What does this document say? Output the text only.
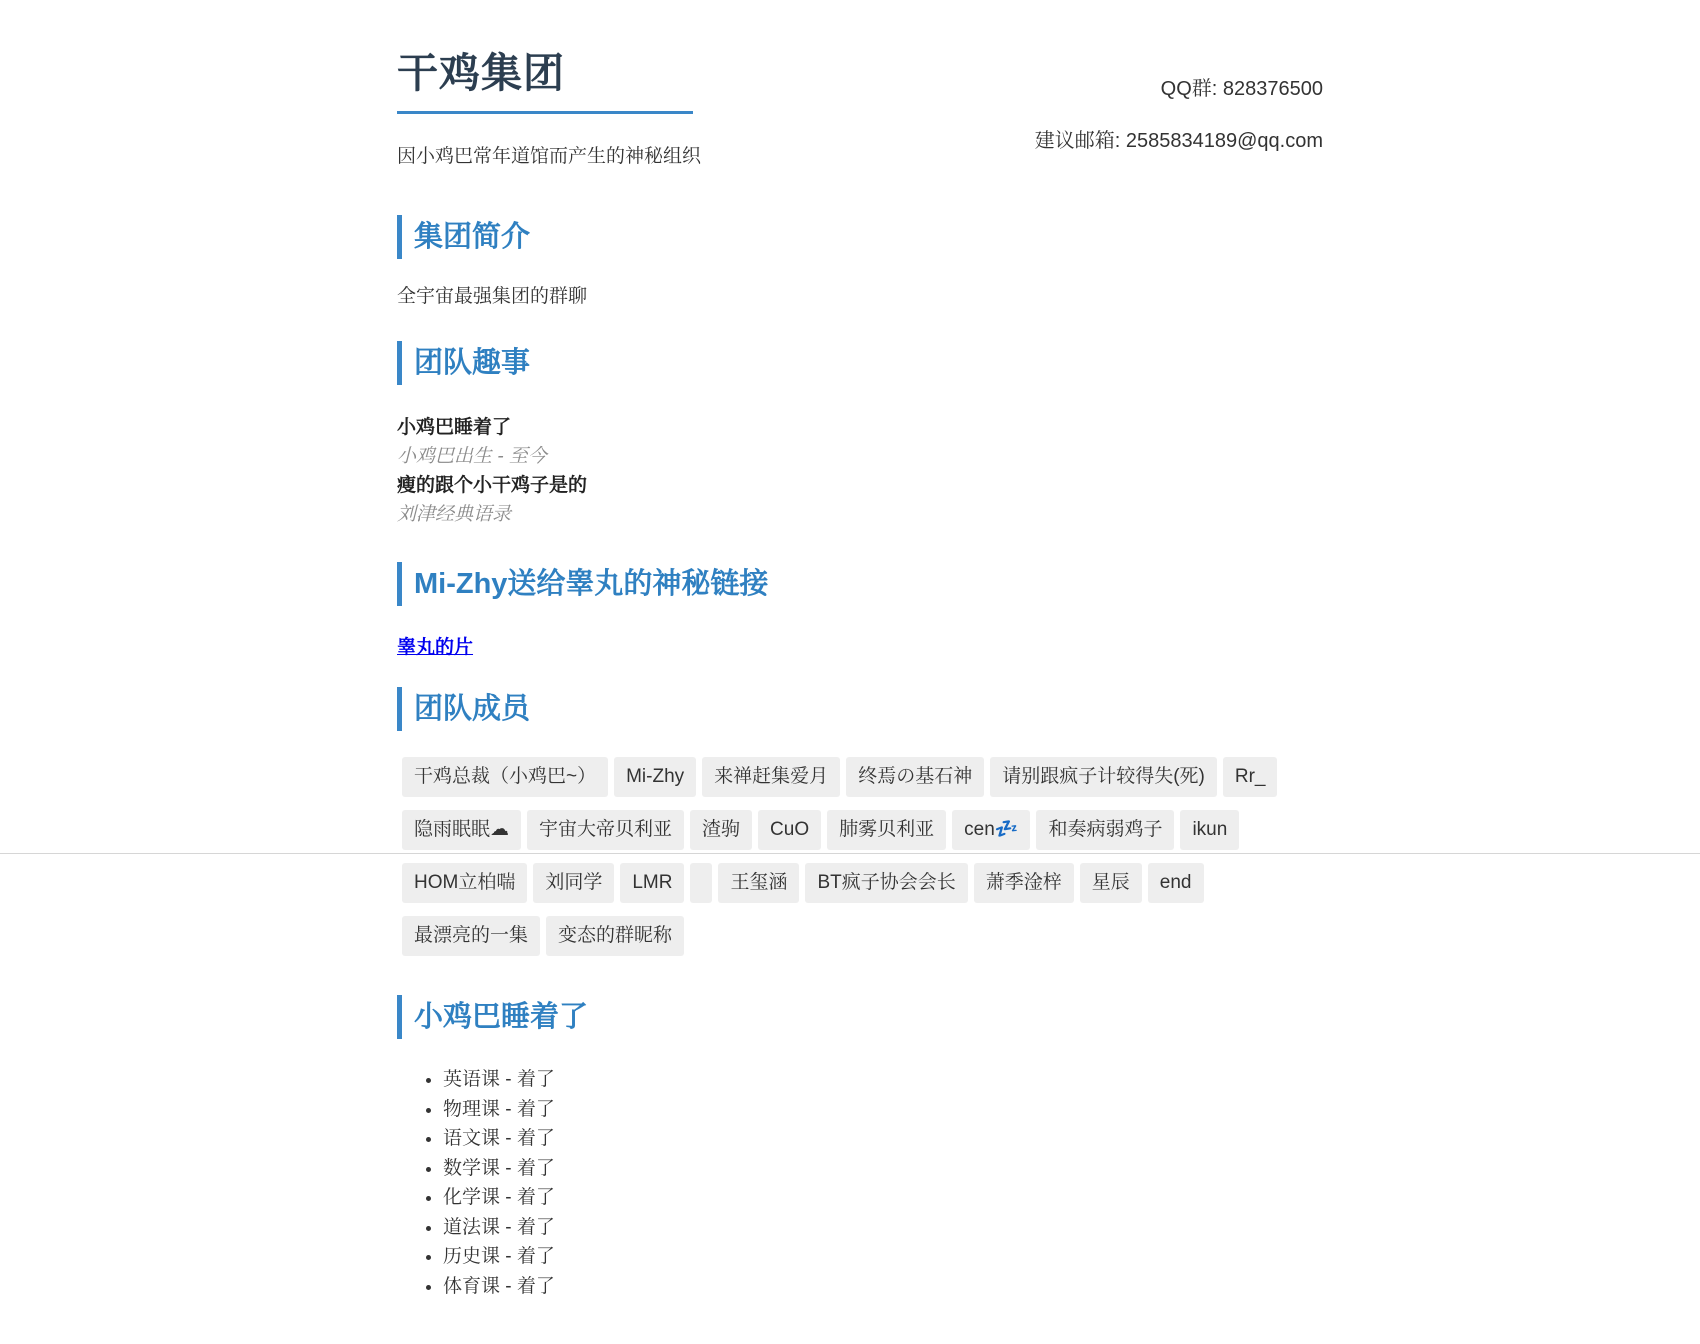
干鸡集团
因小鸡巴常年道馆而产生的神秘组织
QQ群: 828376500
建议邮箱: 2585834189@qq.com
集团简介

全宇宙最强集团的群聊

团队趣事
小鸡巴睡着了
小鸡巴出生 - 至今
瘦的跟个小干鸡子是的
刘津经典语录
Mi-Zhy送给睾丸的神秘链接
睾丸的片
团队成员
干鸡总裁（小鸡巴~） Mi-Zhy 来禅赶集爱月 终焉の基石神 请别跟疯子计较得失(死) Rr_隐雨眠眠☁ 宇宙大帝贝利亚 渣驹 CuO 肺雾贝利亚 cen💤 和奏病弱鸡子 ikunHOM立柏喘 刘同学 LMR	王玺涵 BT疯子协会会长 萧季淦梓 星辰 end最漂亮的一集 变态的群昵称
小鸡巴睡着了
• 英语课 - 着了
• 物理课 - 着了
• 语文课 - 着了
• 数学课 - 着了
• 化学课 - 着了
• 道法课 - 着了
• 历史课 - 着了
• 体育课 - 着了
